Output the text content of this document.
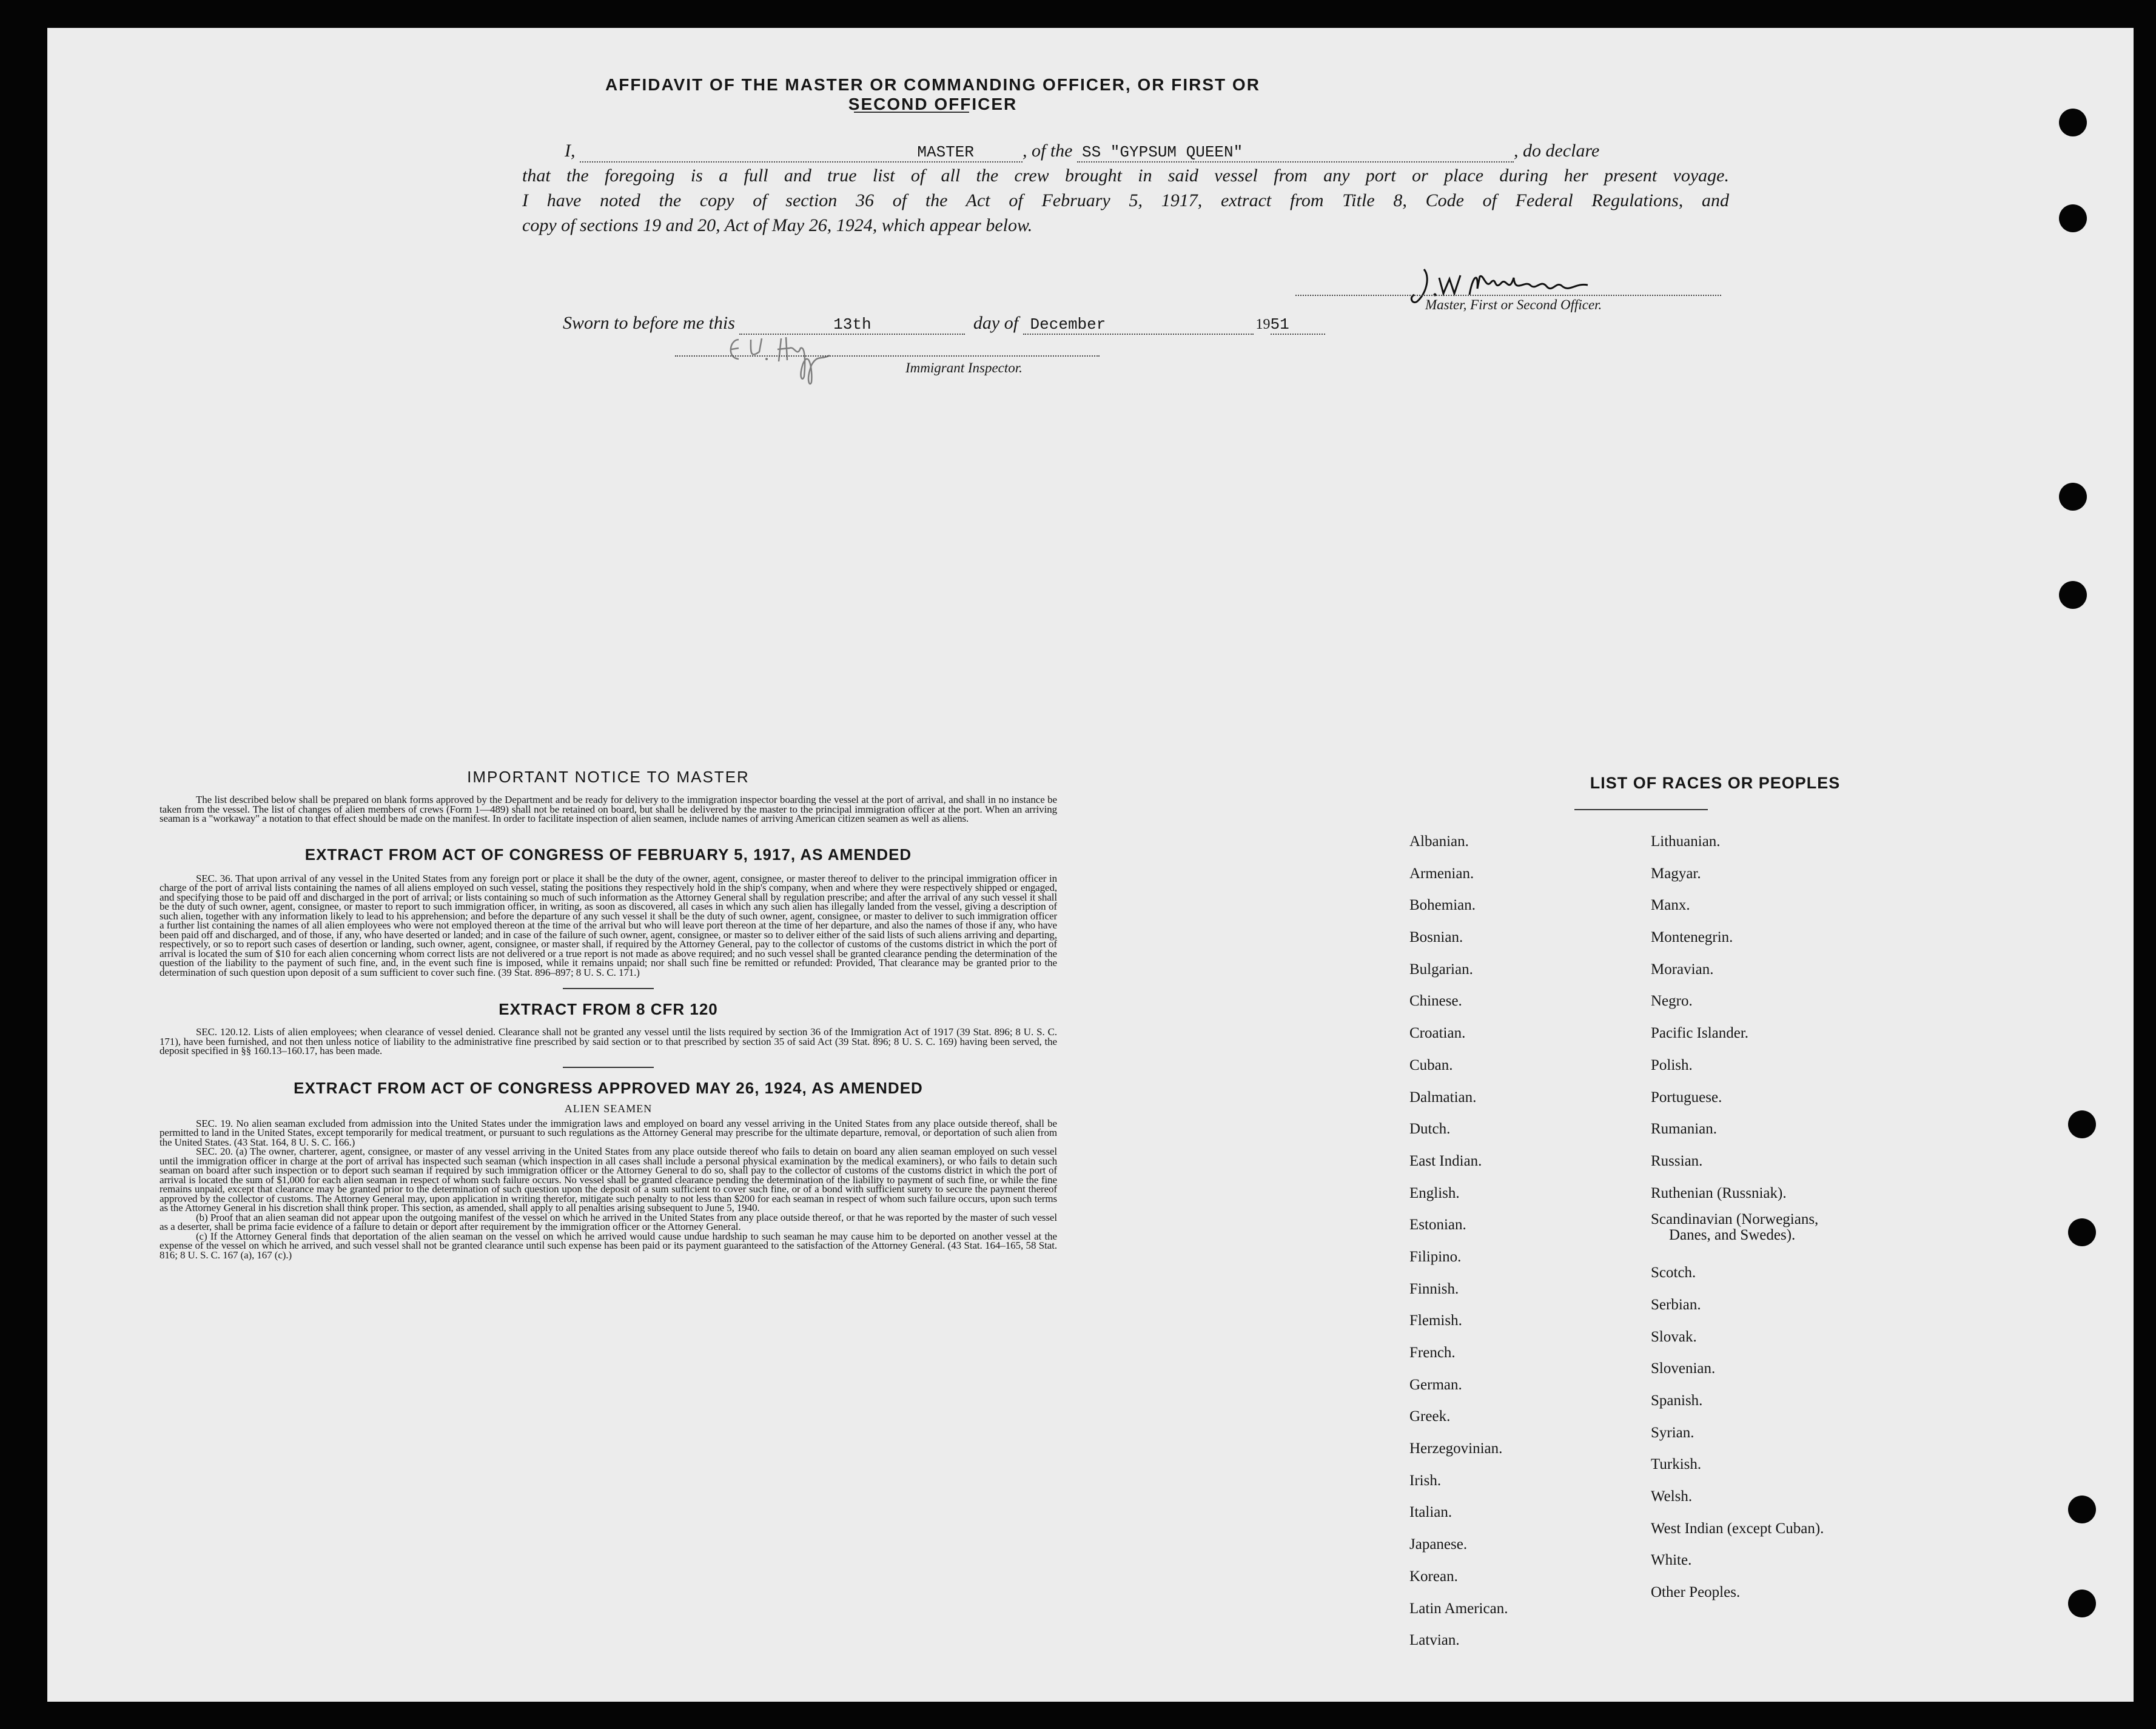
AFFIDAVIT OF THE MASTER OR COMMANDING OFFICER, OR FIRST OR SECOND OFFICER
I,	MASTER	, of the SS "GYPSUM QUEEN"	, do declare
that the foregoing is a full and true list of all the crew brought in said vessel from any port or place during her present voyage.
I have noted the copy of section 36 of the Act of February 5, 1917, extract from Title 8, Code of Federal Regulations, and
copy of sections 19 and 20, Act of May 26, 1924, which appear below.
Master, First or Second Officer.
Sworn to before me this	13th	day of December	1951
Immigrant Inspector.
IMPORTANT NOTICE TO MASTER

The list described below shall be prepared on blank forms approved by the Department and be ready for delivery to the immigration inspector boarding the vessel at the port of arrival, and shall in no instance be taken from the vessel. The list of changes of alien members of crews (Form 1—489) shall not be retained on board, but shall be delivered by the master to the principal immigration officer at the port. When an arriving seaman is a "workaway" a notation to that effect should be made on the manifest. In order to facilitate inspection of alien seamen, include names of arriving American citizen seamen as well as aliens.

EXTRACT FROM ACT OF CONGRESS OF FEBRUARY 5, 1917, AS AMENDED

SEC. 36. That upon arrival of any vessel in the United States from any foreign port or place it shall be the duty of the owner, agent, consignee, or master thereof to deliver to the principal immigration officer in charge of the port of arrival lists containing the names of all aliens employed on such vessel, stating the positions they respectively hold in the ship's company, when and where they were respectively shipped or engaged, and specifying those to be paid off and discharged in the port of arrival; or lists containing so much of such information as the Attorney General shall by regulation prescribe; and after the arrival of any such vessel it shall be the duty of such owner, agent, consignee, or master to report to such immigration officer, in writing, as soon as discovered, all cases in which any such alien has illegally landed from the vessel, giving a description of such alien, together with any information likely to lead to his apprehension; and before the departure of any such vessel it shall be the duty of such owner, agent, consignee, or master to deliver to such immigration officer a further list containing the names of all alien employees who were not employed thereon at the time of the arrival but who will leave port thereon at the time of her departure, and also the names of those if any, who have been paid off and discharged, and of those, if any, who have deserted or landed; and in case of the failure of such owner, agent, consignee, or master so to deliver either of the said lists of such aliens arriving and departing, respectively, or so to report such cases of desertion or landing, such owner, agent, consignee, or master shall, if required by the Attorney General, pay to the collector of customs of the customs district in which the port of arrival is located the sum of $10 for each alien concerning whom correct lists are not delivered or a true report is not made as above required; and no such vessel shall be granted clearance pending the determination of the question of the liability to the payment of such fine, and, in the event such fine is imposed, while it remains unpaid; nor shall such fine be remitted or refunded: Provided, That clearance may be granted prior to the determination of such question upon deposit of a sum sufficient to cover such fine. (39 Stat. 896–897; 8 U. S. C. 171.)

EXTRACT FROM 8 CFR 120

SEC. 120.12. Lists of alien employees; when clearance of vessel denied. Clearance shall not be granted any vessel until the lists required by section 36 of the Immigration Act of 1917 (39 Stat. 896; 8 U. S. C. 171), have been furnished, and not then unless notice of liability to the administrative fine prescribed by said section or to that prescribed by section 35 of said Act (39 Stat. 896; 8 U. S. C. 169) having been served, the deposit specified in §§ 160.13–160.17, has been made.

EXTRACT FROM ACT OF CONGRESS APPROVED MAY 26, 1924, AS AMENDED
ALIEN SEAMEN

SEC. 19. No alien seaman excluded from admission into the United States under the immigration laws and employed on board any vessel arriving in the United States from any place outside thereof, shall be permitted to land in the United States, except temporarily for medical treatment, or pursuant to such regulations as the Attorney General may prescribe for the ultimate departure, removal, or deportation of such alien from the United States. (43 Stat. 164, 8 U. S. C. 166.)

SEC. 20. (a) The owner, charterer, agent, consignee, or master of any vessel arriving in the United States from any place outside thereof who fails to detain on board any alien seaman employed on such vessel until the immigration officer in charge at the port of arrival has inspected such seaman (which inspection in all cases shall include a personal physical examination by the medical examiners), or who fails to detain such seaman on board after such inspection or to deport such seaman if required by such immigration officer or the Attorney General to do so, shall pay to the collector of customs of the customs district in which the port of arrival is located the sum of $1,000 for each alien seaman in respect of whom such failure occurs. No vessel shall be granted clearance pending the determination of the liability to payment of such fine, or while the fine remains unpaid, except that clearance may be granted prior to the determination of such question upon the deposit of a sum sufficient to cover such fine, or of a bond with sufficient surety to secure the payment thereof approved by the collector of customs. The Attorney General may, upon application in writing therefor, mitigate such penalty to not less than $200 for each seaman in respect of whom such failure occurs, upon such terms as the Attorney General in his discretion shall think proper. This section, as amended, shall apply to all penalties arising subsequent to June 5, 1940.

(b) Proof that an alien seaman did not appear upon the outgoing manifest of the vessel on which he arrived in the United States from any place outside thereof, or that he was reported by the master of such vessel as a deserter, shall be prima facie evidence of a failure to detain or deport after requirement by the immigration officer or the Attorney General.

(c) If the Attorney General finds that deportation of the alien seaman on the vessel on which he arrived would cause undue hardship to such seaman he may cause him to be deported on another vessel at the expense of the vessel on which he arrived, and such vessel shall not be granted clearance until such expense has been paid or its payment guaranteed to the satisfaction of the Attorney General. (43 Stat. 164–165, 58 Stat. 816; 8 U. S. C. 167 (a), 167 (c).)

LIST OF RACES OR PEOPLES
Albanian.
Armenian.
Bohemian.
Bosnian.
Bulgarian.
Chinese.
Croatian.
Cuban.
Dalmatian.
Dutch.
East Indian.
English.
Estonian.
Filipino.
Finnish.
Flemish.
French.
German.
Greek.
Herzegovinian.
Irish.
Italian.
Japanese.
Korean.
Latin American.
Latvian.
Lithuanian.
Magyar.
Manx.
Montenegrin.
Moravian.
Negro.
Pacific Islander.
Polish.
Portuguese.
Rumanian.
Russian.
Ruthenian (Russniak).
Scandinavian (Norwegians,
Danes, and Swedes).
Scotch.
Serbian.
Slovak.
Slovenian.
Spanish.
Syrian.
Turkish.
Welsh.
West Indian (except Cuban).
White.
Other Peoples.
